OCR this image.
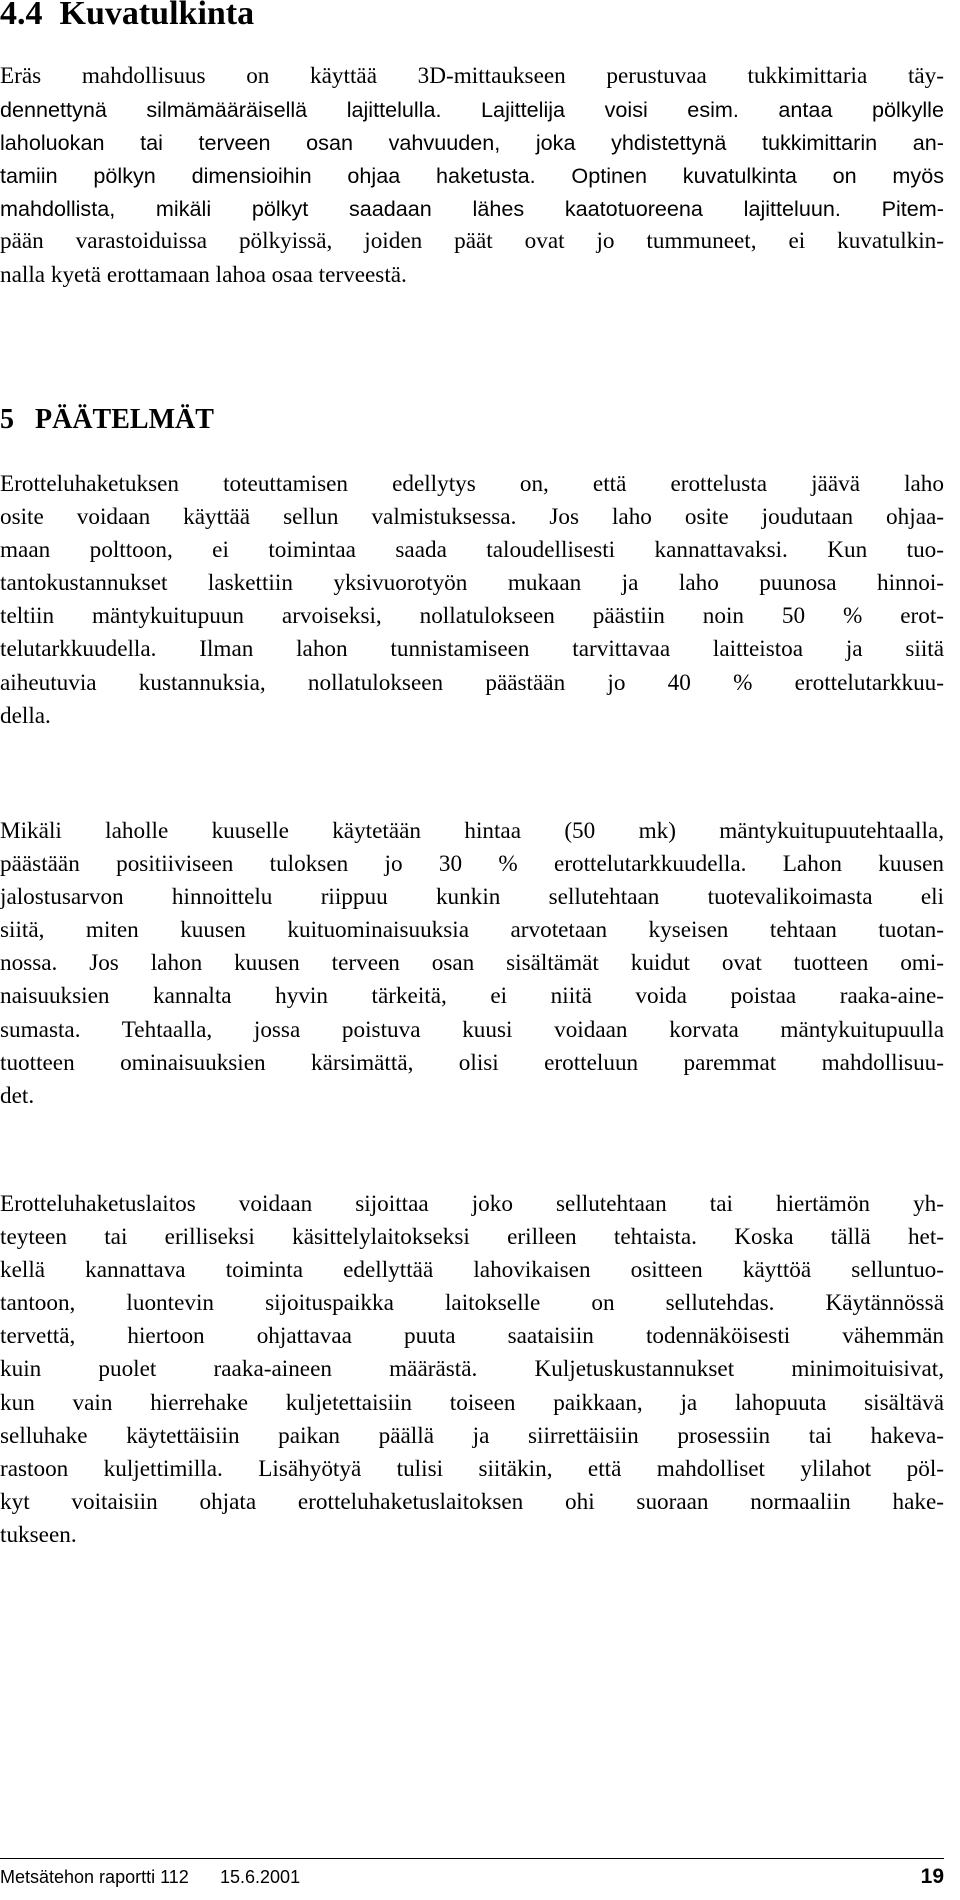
4.4 Kuvatulkinta
Eräs mahdollisuus on käyttää 3D-mittaukseen perustuvaa tukkimittaria täy-
dennettynä silmämääräisellä lajittelulla. Lajittelija voisi esim. antaa pölkylle
laholuokan tai terveen osan vahvuuden, joka yhdistettynä tukkimittarin an-
tamiin pölkyn dimensioihin ohjaa haketusta. Optinen kuvatulkinta on myös
mahdollista, mikäli pölkyt saadaan lähes kaatotuoreena lajitteluun. Pitem-
pään varastoiduissa pölkyissä, joiden päät ovat jo tummuneet, ei kuvatulkin-
nalla kyetä erottamaan lahoa osaa terveestä.
5 PÄÄTELMÄT
Erotteluhaketuksen toteuttamisen edellytys on, että erottelusta jäävä laho
osite voidaan käyttää sellun valmistuksessa. Jos laho osite joudutaan ohjaa-
maan polttoon, ei toimintaa saada taloudellisesti kannattavaksi. Kun tuo-
tantokustannukset laskettiin yksivuorotyön mukaan ja laho puunosa hinnoi-
teltiin mäntykuitupuun arvoiseksi, nollatulokseen päästiin noin 50 % erot-
telutarkkuudella. Ilman lahon tunnistamiseen tarvittavaa laitteistoa ja siitä
aiheutuvia kustannuksia, nollatulokseen päästään jo 40 % erottelutarkkuu-
della.
Mikäli laholle kuuselle käytetään hintaa (50 mk) mäntykuitupuutehtaalla,
päästään positiiviseen tuloksen jo 30 % erottelutarkkuudella. Lahon kuusen
jalostusarvon hinnoittelu riippuu kunkin sellutehtaan tuotevalikoimasta eli
siitä, miten kuusen kuituominaisuuksia arvotetaan kyseisen tehtaan tuotan-
nossa. Jos lahon kuusen terveen osan sisältämät kuidut ovat tuotteen omi-
naisuuksien kannalta hyvin tärkeitä, ei niitä voida poistaa raaka-aine-
sumasta. Tehtaalla, jossa poistuva kuusi voidaan korvata mäntykuitupuulla
tuotteen ominaisuuksien kärsimättä, olisi erotteluun paremmat mahdollisuu-
det.
Erotteluhaketuslaitos voidaan sijoittaa joko sellutehtaan tai hiertämön yh-
teyteen tai erilliseksi käsittelylaitokseksi erilleen tehtaista. Koska tällä het-
kellä kannattava toiminta edellyttää lahovikaisen ositteen käyttöä selluntuo-
tantoon, luontevin sijoituspaikka laitokselle on sellutehdas. Käytännössä
tervettä, hiertoon ohjattavaa puuta saataisiin todennäköisesti vähemmän
kuin puolet raaka-aineen määrästä. Kuljetuskustannukset minimoituisivat,
kun vain hierrehake kuljetettaisiin toiseen paikkaan, ja lahopuuta sisältävä
selluhake käytettäisiin paikan päällä ja siirrettäisiin prosessiin tai hakeva-
rastoon kuljettimilla. Lisähyötyä tulisi siitäkin, että mahdolliset ylilahot pöl-
kyt voitaisiin ohjata erotteluhaketuslaitoksen ohi suoraan normaaliin hake-
tukseen.
Metsätehon raportti 112 15.6.2001	19
